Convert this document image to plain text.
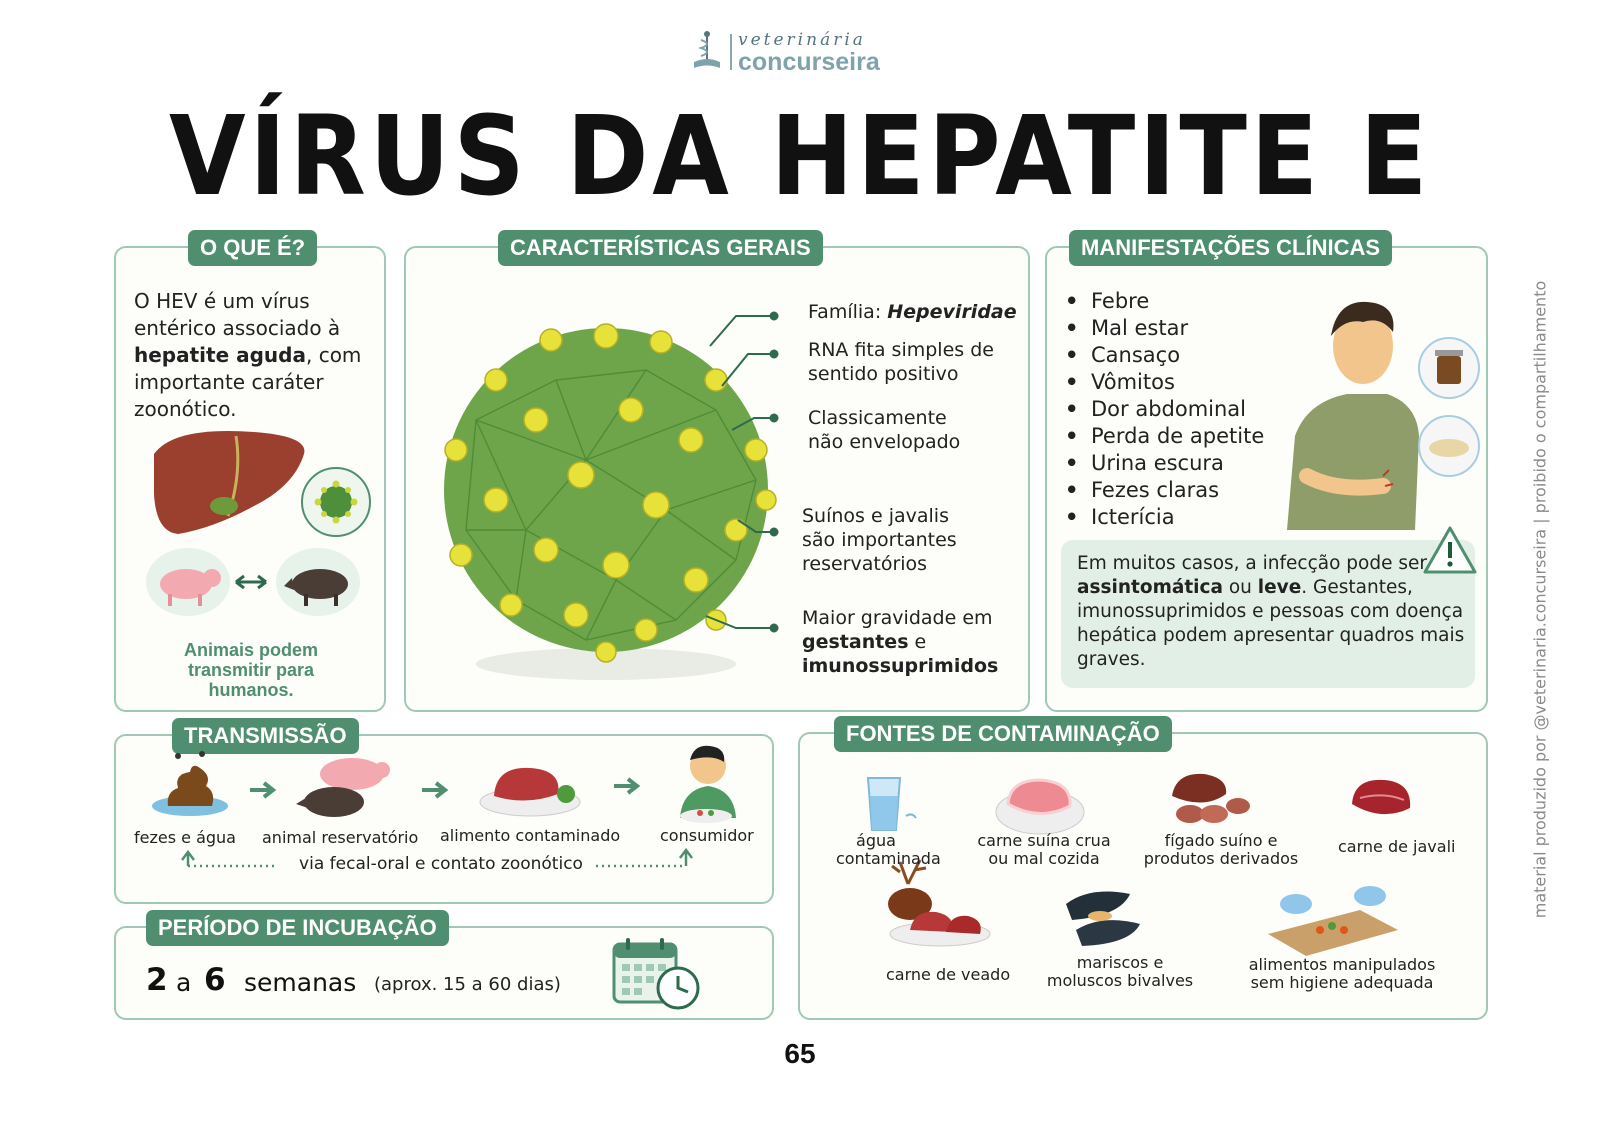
veterinária
concurseira
VÍRUS DA HEPATITE E
O QUE É?

O HEV é um vírus entérico associado à hepatite aguda, com importante caráter zoonótico.

Animais podem transmitir para humanos.

CARACTERÍSTICAS GERAIS

Família: Hepeviridae

RNA fita simples de sentido positivo

Classicamente não envelopado

Suínos e javalis são importantes reservatórios

Maior gravidade em gestantes e imunossuprimidos

MANIFESTAÇÕES CLÍNICAS
• Febre
• Mal estar
• Cansaço
• Vômitos
• Dor abdominal
• Perda de apetite
• Urina escura
• Fezes claras
• Icterícia

Em muitos casos, a infecção pode ser assintomática ou leve. Gestantes, imunossuprimidos e pessoas com doença hepática podem apresentar quadros mais graves.

TRANSMISSÃO
fezes e água animal reservatório alimento contaminado consumidor

via fecal-oral e contato zoonótico

PERÍODO DE INCUBAÇÃO
2 a 6 semanas (aprox. 15 a 60 dias)
FONTES DE CONTAMINAÇÃO
água contaminada
carne suína crua ou mal cozida
fígado suíno e produtos derivados
carne de javali
carne de veado
mariscos e moluscos bivalves
alimentos manipulados sem higiene adequada
65
material produzido por @veterinaria.concurseira | proibido o compartilhamento
